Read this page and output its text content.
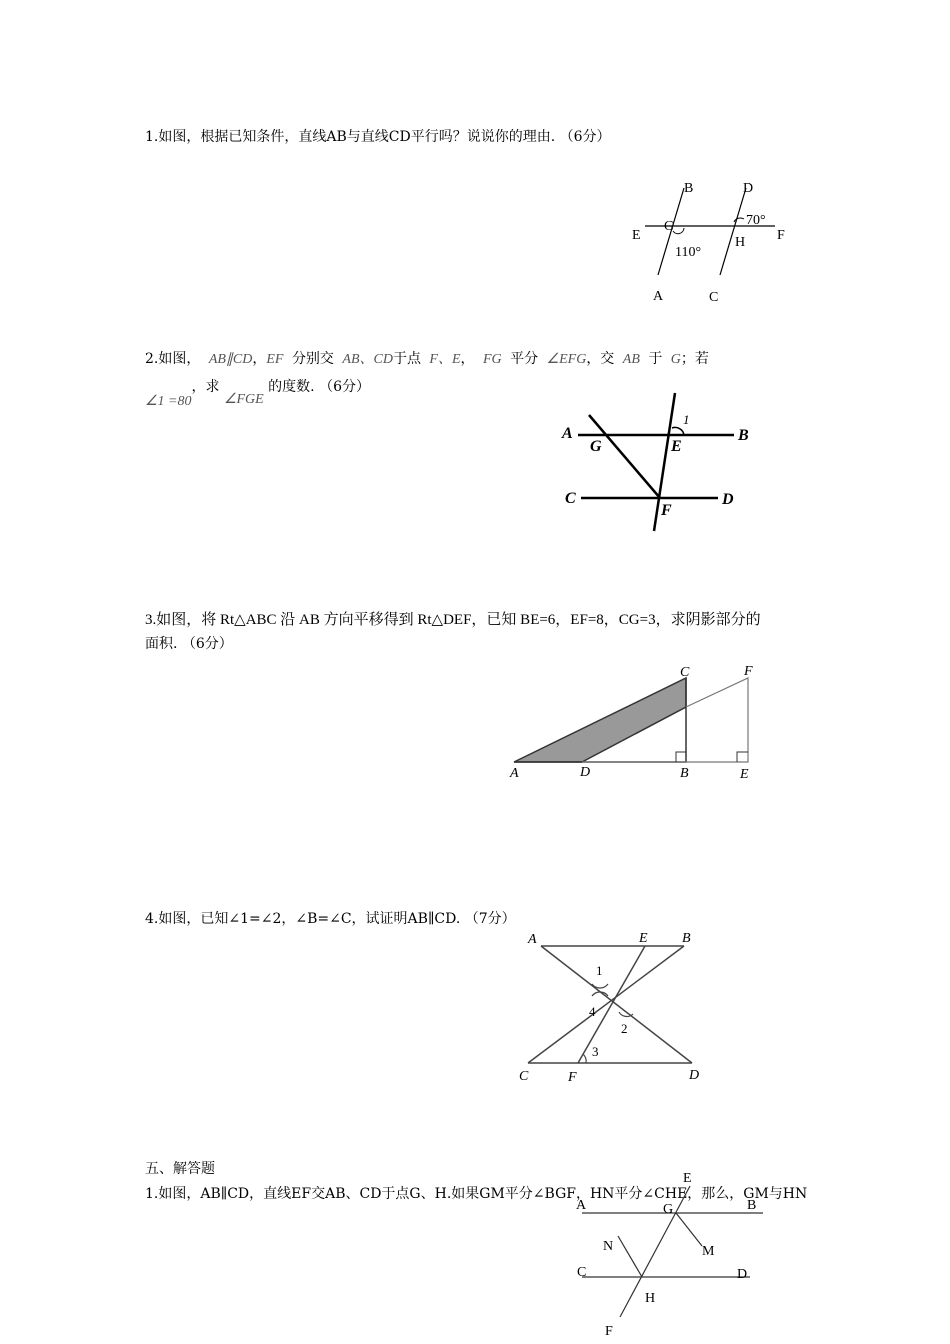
1.如图，根据已知条件，直线AB与直线CD平行吗？说说你的理由. （6分）
B	D
G
E
70°
F
H
110°
A	C
2.如图， AB∥CD，EF 分别交 AB、CD于点 F、E， FG 平分 ∠EFG，交 AB 于 G；若
∠1 =80，求 ∠FGE 的度数. （6分）
1
A
G	E
B
C	D
F
3.如图，将 Rt△ABC 沿 AB 方向平移得到 Rt△DEF，已知 BE=6，EF=8，CG=3，求阴影部分的
面积. （6分）
C	F
A	D	B	E
4.如图，已知∠1=∠2，∠B=∠C，试证明AB∥CD. （7分）
A	E B
1
4
2
3
C	F	D
五、解答题
1.如图，AB∥CD，直线EF交AB、CD于点G、H.如果GM平分∠BGF，HN平分∠CHE，那么，GM与HN
E
A	G	B
N	M
C	D
H
F
